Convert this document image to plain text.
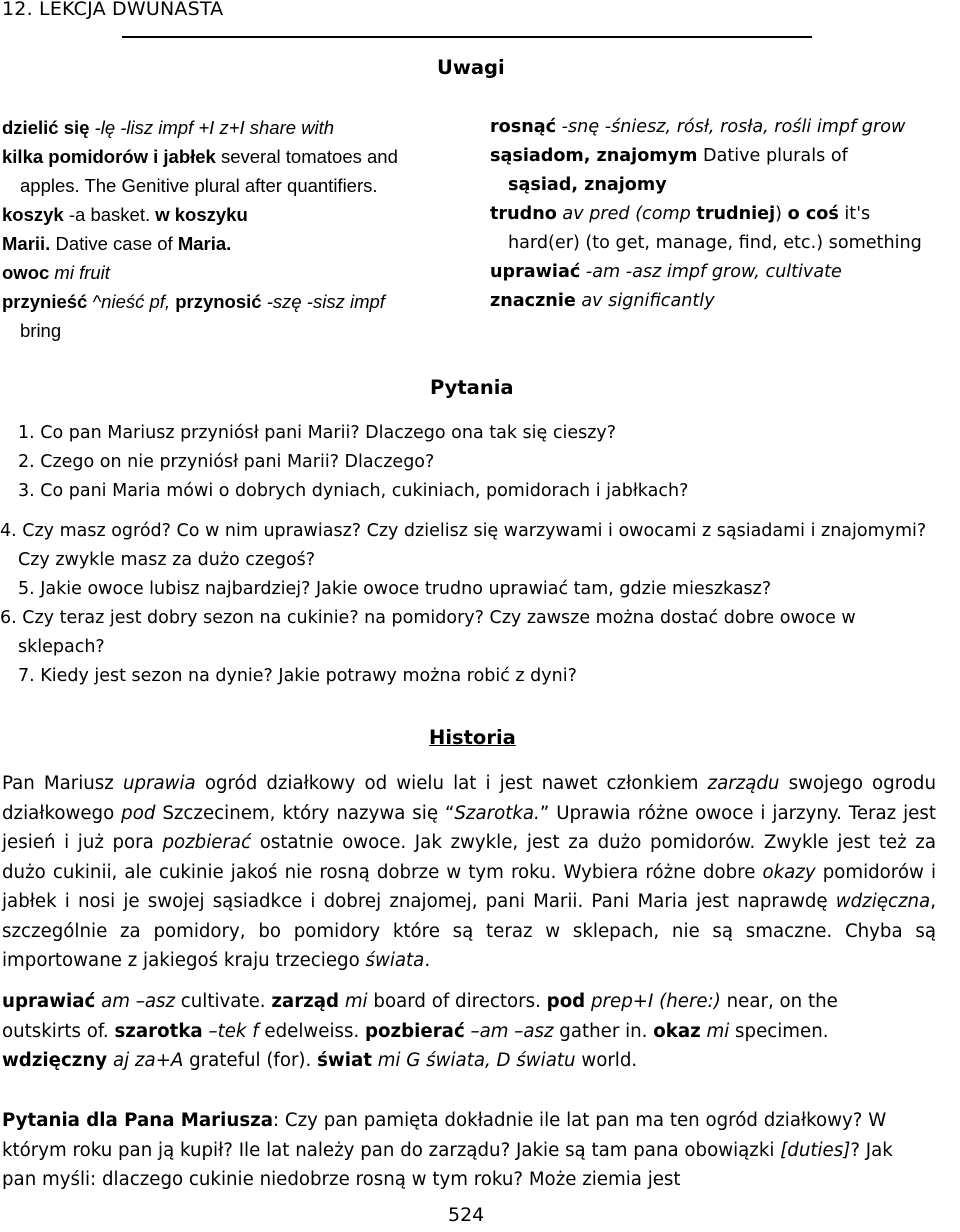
12. LEKCJA DWUNASTA
Uwagi

dzielić się -lę -lisz impf +I z+I share with

kilka pomidorów i jabłek several tomatoes and

apples. The Genitive plural after quantifiers.

koszyk -a basket. w koszyku

Marii. Dative case of Maria.

owoc mi fruit

przynieść ^nieść pf, przynosić -szę -sisz impf

bring

rosnąć -snę -śniesz, rósł, rosła, rośli impf grow

sąsiadom, znajomym Dative plurals of

sąsiad, znajomy

trudno av pred (comp trudniej) o coś it's

hard(er) (to get, manage, find, etc.) something

uprawiać -am -asz impf grow, cultivate

znacznie av significantly

Pytania

1. Co pan Mariusz przyniósł pani Marii? Dlaczego ona tak się cieszy?

2. Czego on nie przyniósł pani Marii? Dlaczego?

3. Co pani Maria mówi o dobrych dyniach, cukiniach, pomidorach i jabłkach?

4. Czy masz ogród? Co w nim uprawiasz? Czy dzielisz się warzywami i owocami z sąsiadami i znajomymi? Czy zwykle masz za dużo czegoś?

5. Jakie owoce lubisz najbardziej? Jakie owoce trudno uprawiać tam, gdzie mieszkasz?

6. Czy teraz jest dobry sezon na cukinie? na pomidory? Czy zawsze można dostać dobre owoce w sklepach?

7. Kiedy jest sezon na dynie? Jakie potrawy można robić z dyni?

Historia

Pan Mariusz uprawia ogród działkowy od wielu lat i jest nawet członkiem zarządu swojego ogrodu działkowego pod Szczecinem, który nazywa się “Szarotka.” Uprawia różne owoce i jarzyny. Teraz jest jesień i już pora pozbierać ostatnie owoce. Jak zwykle, jest za dużo pomidorów. Zwykle jest też za dużo cukinii, ale cukinie jakoś nie rosną dobrze w tym roku. Wybiera różne dobre okazy pomidorów i jabłek i nosi je swojej sąsiadkce i dobrej znajomej, pani Marii. Pani Maria jest naprawdę wdzięczna, szczególnie za pomidory, bo pomidory które są teraz w sklepach, nie są smaczne. Chyba są importowane z jakiegoś kraju trzeciego świata.

uprawiać am –asz cultivate. zarząd mi board of directors. pod prep+I (here:) near, on the outskirts of. szarotka –tek f edelweiss. pozbierać –am –asz gather in. okaz mi specimen. wdzięczny aj za+A grateful (for). świat mi G świata, D światu world.

Pytania dla Pana Mariusza: Czy pan pamięta dokładnie ile lat pan ma ten ogród działkowy? W którym roku pan ją kupił? Ile lat należy pan do zarządu? Jakie są tam pana obowiązki [duties]? Jak pan myśli: dlaczego cukinie niedobrze rosną w tym roku? Może ziemia jest

524
